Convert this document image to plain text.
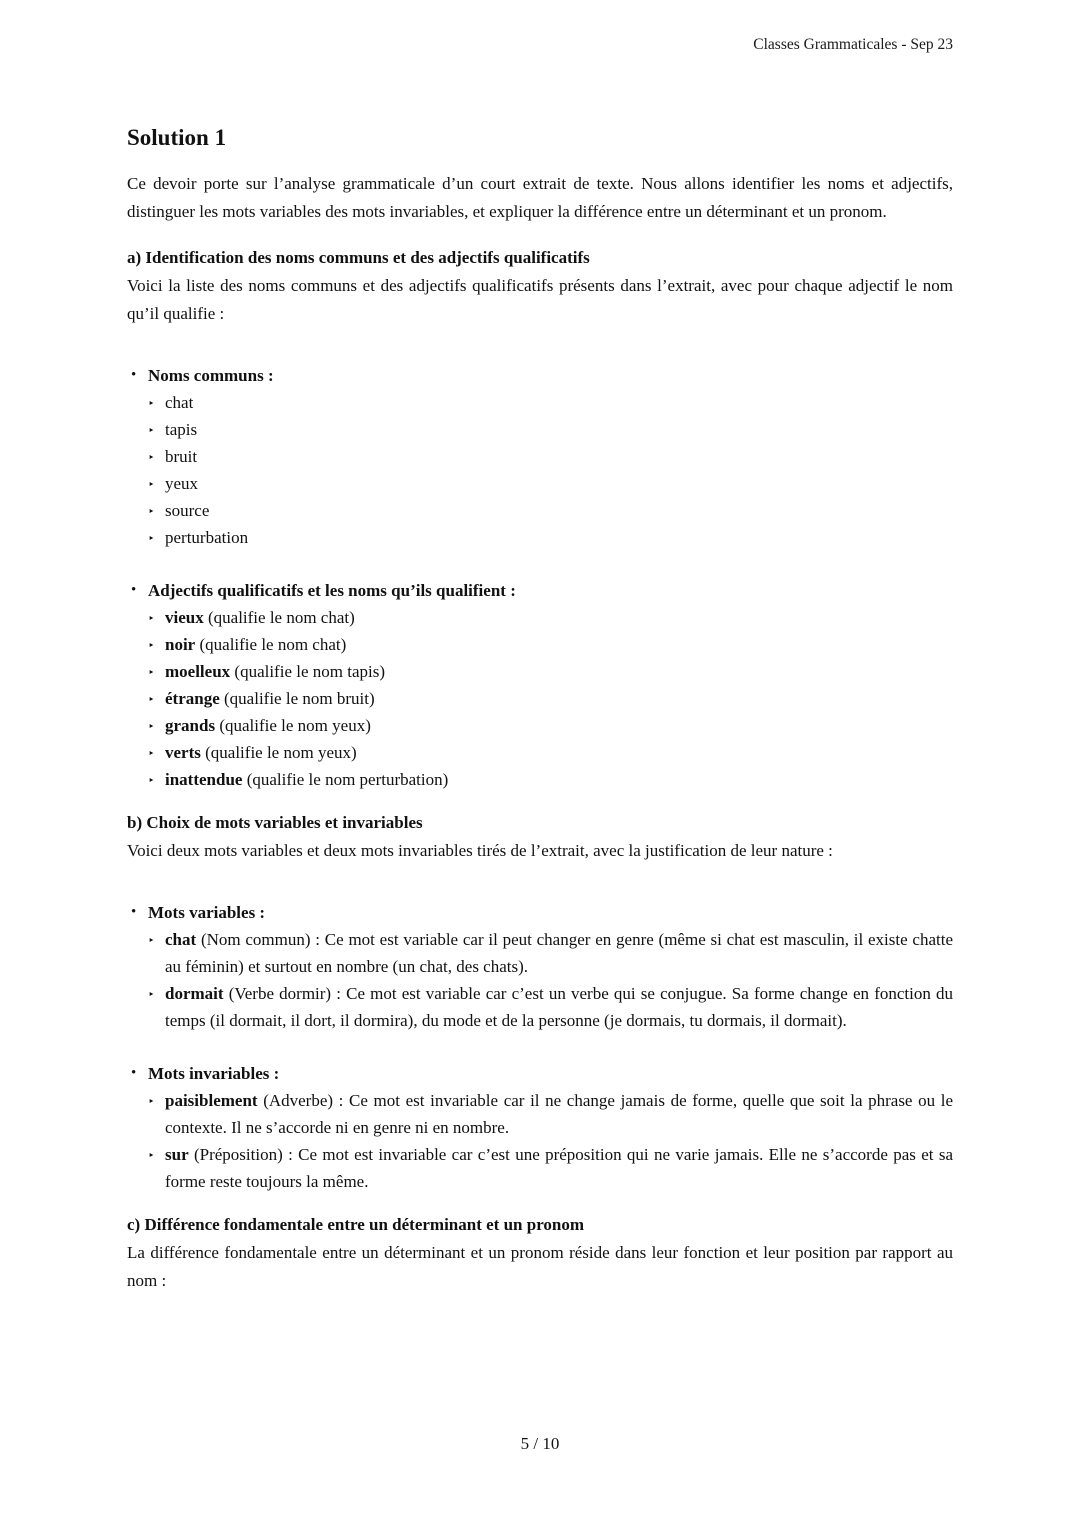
Classes Grammaticales - Sep 23
Solution 1

Ce devoir porte sur l’analyse grammaticale d’un court extrait de texte. Nous allons identifier les noms et adjectifs, distinguer les mots variables des mots invariables, et expliquer la différence entre un déterminant et un pronom.

a) Identification des noms communs et des adjectifs qualificatifs

Voici la liste des noms communs et des adjectifs qualificatifs présents dans l’extrait, avec pour chaque adjectif le nom qu’il qualifie :

• Noms communs :
‣ chat
‣ tapis
‣ bruit
‣ yeux
‣ source
‣ perturbation
• Adjectifs qualificatifs et les noms qu’ils qualifient :
‣ vieux (qualifie le nom chat)
‣ noir (qualifie le nom chat)
‣ moelleux (qualifie le nom tapis)
‣ étrange (qualifie le nom bruit)
‣ grands (qualifie le nom yeux)
‣ verts (qualifie le nom yeux)
‣ inattendue (qualifie le nom perturbation)

b) Choix de mots variables et invariables

Voici deux mots variables et deux mots invariables tirés de l’extrait, avec la justification de leur nature :

• Mots variables :
‣ chat (Nom commun) : Ce mot est variable car il peut changer en genre (même si chat est masculin, il existe chatte au féminin) et surtout en nombre (un chat, des chats).
‣ dormait (Verbe dormir) : Ce mot est variable car c’est un verbe qui se conjugue. Sa forme change en fonction du temps (il dormait, il dort, il dormira), du mode et de la personne (je dormais, tu dormais, il dormait).
• Mots invariables :
‣ paisiblement (Adverbe) : Ce mot est invariable car il ne change jamais de forme, quelle que soit la phrase ou le contexte. Il ne s’accorde ni en genre ni en nombre.
‣ sur (Préposition) : Ce mot est invariable car c’est une préposition qui ne varie jamais. Elle ne s’accorde pas et sa forme reste toujours la même.

c) Différence fondamentale entre un déterminant et un pronom

La différence fondamentale entre un déterminant et un pronom réside dans leur fonction et leur position par rapport au nom :

5 / 10
